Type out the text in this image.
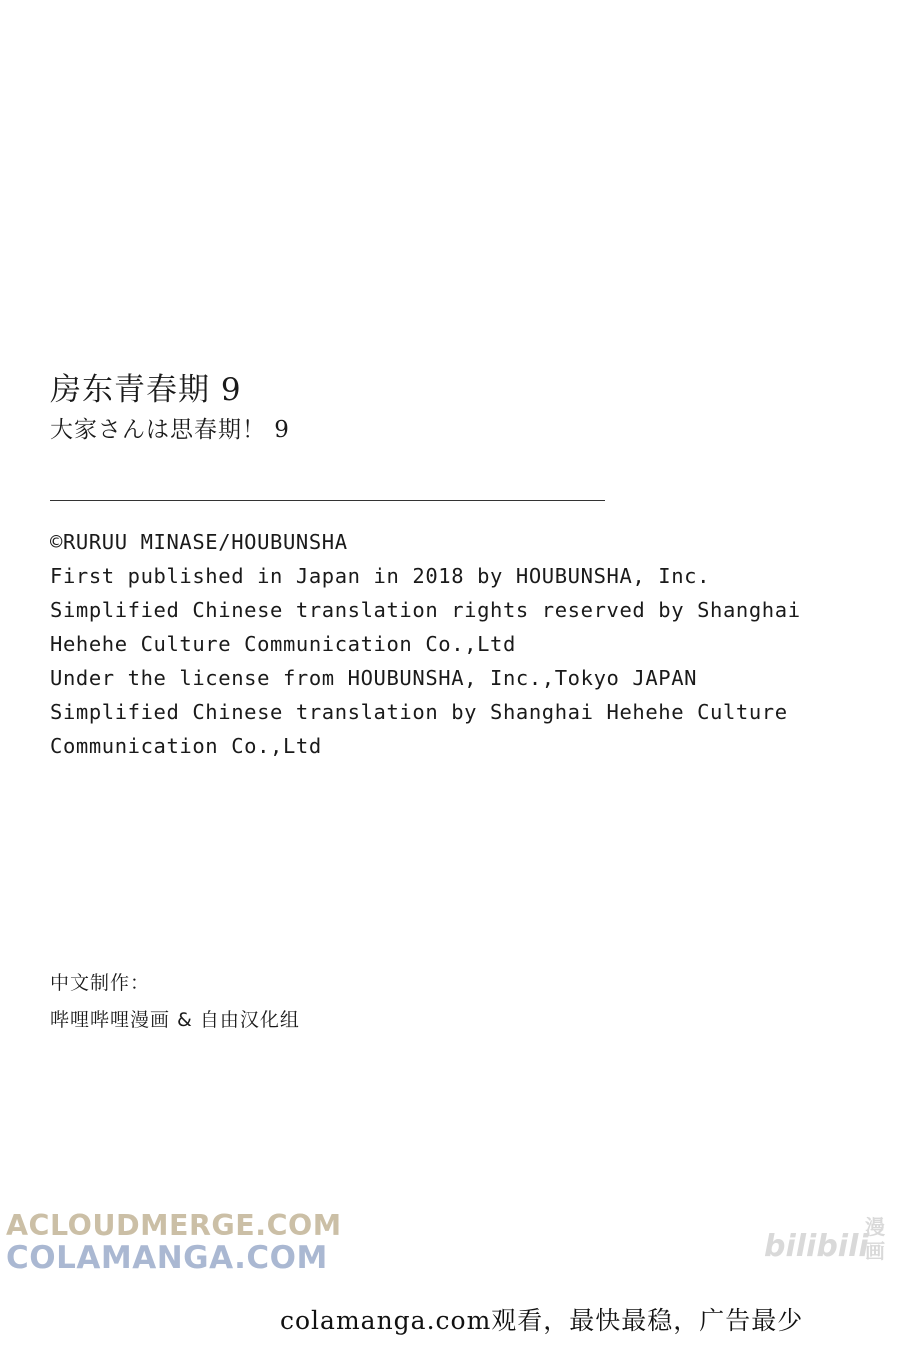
房东青春期 9
大家さんは思春期！ 9
©RURUU MINASE/HOUBUNSHA
First published in Japan in 2018 by HOUBUNSHA, Inc.
Simplified Chinese translation rights reserved by Shanghai
Hehehe Culture Communication Co.,Ltd
Under the license from HOUBUNSHA, Inc.,Tokyo JAPAN
Simplified Chinese translation by Shanghai Hehehe Culture
Communication Co.,Ltd
中文制作：
哔哩哔哩漫画 & 自由汉化组
ACLOUDMERGE.COM
COLAMANGA.COM	bilibili
漫
画
colamanga.com观看，最快最稳，广告最少
